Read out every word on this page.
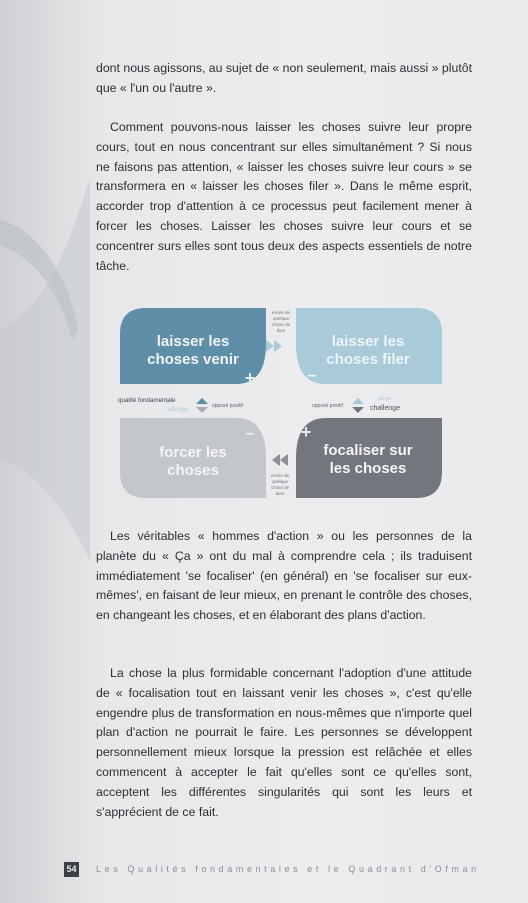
dont nous agissons, au sujet de « non seulement, mais aussi » plutôt que « l'un ou l'autre ».

Comment pouvons-nous laisser les choses suivre leur propre cours, tout en nous concentrant sur elles simultanément ? Si nous ne faisons pas attention, « laisser les choses suivre leur cours » se transformera en « laisser les choses filer ». Dans le même esprit, accorder trop d'attention à ce processus peut facilement mener à forcer les choses. Laisser les choses suivre leur cours et se concentrer surs elles sont tous deux des aspects essentiels de notre tâche.

laisser les
choses venir
laisser les
choses filer
forcer les
choses
focaliser sur
les choses
+	–
–	+
excès de
quelque
chose de
bien
excès de
quelque
chose de
bien
qualité fondamentale
allergie
opposé positif	opposé positif
piège
challenge

Les véritables « hommes d'action » ou les personnes de la planète du « Ça » ont du mal à comprendre cela ; ils traduisent immédiatement 'se focaliser' (en général) en 'se focaliser sur eux-mêmes', en faisant de leur mieux, en prenant le contrôle des choses, en changeant les choses, et en élaborant des plans d'action.

La chose la plus formidable concernant l'adoption d'une attitude de « focalisation tout en laissant venir les choses », c'est qu'elle engendre plus de transformation en nous-mêmes que n'importe quel plan d'action ne pourrait le faire. Les personnes se développent personnellement mieux lorsque la pression est relâchée et elles commencent à accepter le fait qu'elles sont ce qu'elles sont, acceptent les différentes singularités qui sont les leurs et s'apprécient de ce fait.

54 Les Qualités fondamentales et le Quadrant d'Ofman
